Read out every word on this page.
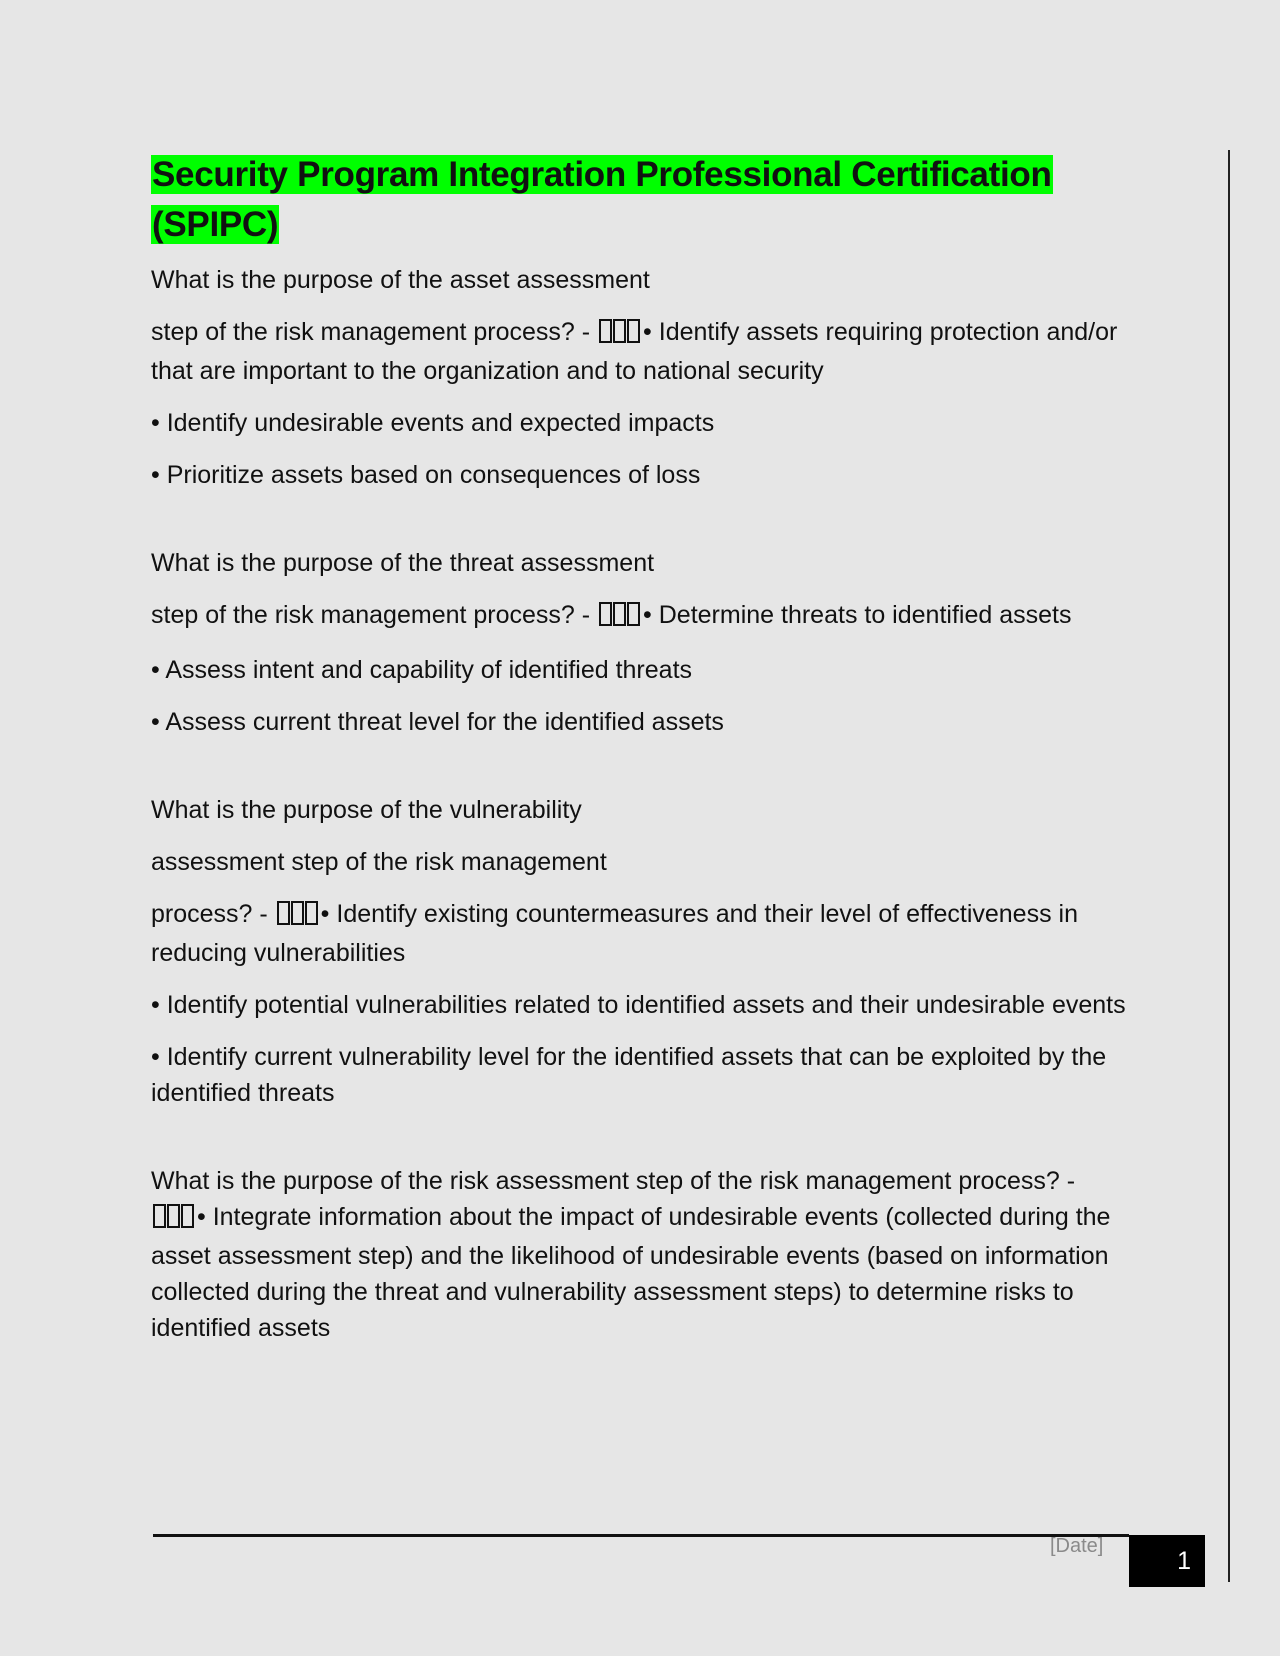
Security Program Integration Professional Certification (SPIPC)

What is the purpose of the asset assessment

step of the risk management process? - • Identify assets requiring protection and/or that are important to the organization and to national security

• Identify undesirable events and expected impacts

• Prioritize assets based on consequences of loss

What is the purpose of the threat assessment

step of the risk management process? - • Determine threats to identified assets

• Assess intent and capability of identified threats

• Assess current threat level for the identified assets

What is the purpose of the vulnerability

assessment step of the risk management

process? - • Identify existing countermeasures and their level of effectiveness in reducing vulnerabilities

• Identify potential vulnerabilities related to identified assets and their undesirable events

• Identify current vulnerability level for the identified assets that can be exploited by the identified threats

What is the purpose of the risk assessment step of the risk management process? - • Integrate information about the impact of undesirable events (collected during the asset assessment step) and the likelihood of undesirable events (based on information collected during the threat and vulnerability assessment steps) to determine risks to identified assets

[Date]
1
